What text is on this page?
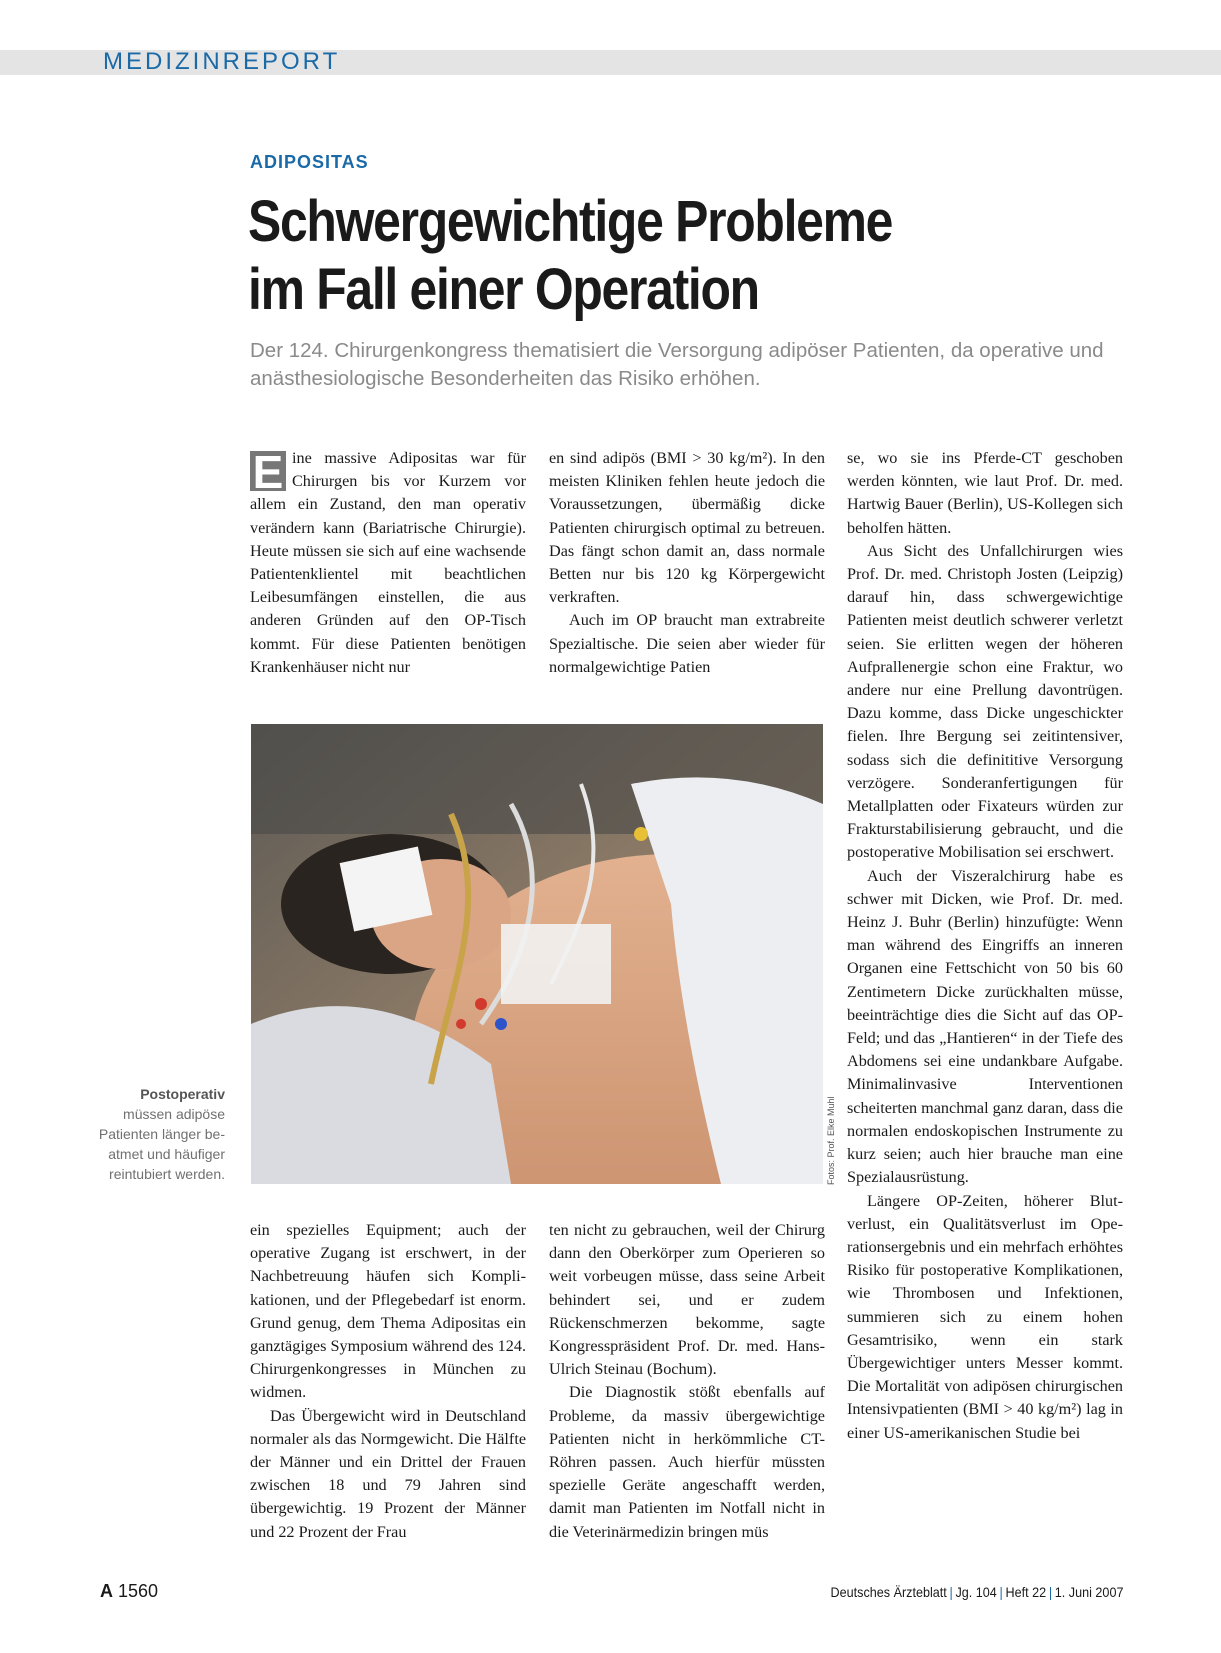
MEDIZINREPORT
ADIPOSITAS
Schwergewichtige Probleme
im Fall einer Operation
Der 124. Chirurgenkongress thematisiert die Versorgung adipöser Patienten, da operative und anästhesiologische Besonderheiten das Risiko erhöhen.

E ine massive Adipositas war für Chirurgen bis vor Kurzem vor allem ein Zustand, den man operativ verändern kann (Bariatrische Chirurgie). Heute müssen sie sich auf eine wachsende Patientenklientel mit beachtlichen Leibesumfängen einstellen, die aus anderen Gründen auf den OP-Tisch kommt. Für diese Patienten benötigen Krankenhäuser nicht nur

en sind adipös (BMI > 30 kg/m²). In den meisten Kliniken fehlen heute jedoch die Voraussetzungen, übermäßig dicke Patienten chirurgisch optimal zu betreuen. Das fängt schon damit an, dass normale Betten nur bis 120 kg Körpergewicht verkraften.

Auch im OP braucht man extrabreite Spezialtische. Die seien aber wieder für normalgewichtige Patien

Fotos: Prof. Elke Muhl
Postoperativ
müssen adipöse Patienten länger beatmet und häufiger reintubiert werden.

se, wo sie ins Pferde-CT geschoben werden könnten, wie laut Prof. Dr. med. Hartwig Bauer (Berlin), US-Kollegen sich beholfen hätten.

Aus Sicht des Unfallchirurgen wies Prof. Dr. med. Christoph Josten (Leipzig) darauf hin, dass schwergewichtige Patienten meist deutlich schwerer verletzt seien. Sie erlitten wegen der höheren Aufprallenergie schon eine Fraktur, wo andere nur eine Prellung davontrügen. Dazu komme, dass Dicke ungeschickter fielen. Ihre Bergung sei zeitintensiver, sodass sich die definititive Versorgung verzögere. Sonderanfertigungen für Metallplatten oder Fixateurs würden zur Frakturstabilisierung gebraucht, und die postoperative Mobilisation sei erschwert.

Auch der Viszeralchirurg habe es schwer mit Dicken, wie Prof. Dr. med. Heinz J. Buhr (Berlin) hinzufügte: Wenn man während des Eingriffs an inneren Organen eine Fettschicht von 50 bis 60 Zentimetern Dicke zurückhalten müsse, beeinträchtige dies die Sicht auf das OP-Feld; und das „Hantieren“ in der Tiefe des Abdomens sei eine undankbare Aufgabe. Minimalinvasive Interventionen scheiterten manchmal ganz daran, dass die normalen endoskopischen Instrumente zu kurz seien; auch hier brauche man eine Spezialausrüstung.

Längere OP-Zeiten, höherer Blutverlust, ein Qualitätsverlust im Operationsergebnis und ein mehrfach erhöhtes Risiko für postoperative Komplikationen, wie Thrombosen und Infektionen, summieren sich zu einem hohen Gesamtrisiko, wenn ein stark Übergewichtiger unters Messer kommt. Die Mortalität von adipösen chirurgischen Intensivpatienten (BMI > 40 kg/m²) lag in einer US-amerikanischen Studie bei

ein spezielles Equipment; auch der operative Zugang ist erschwert, in der Nachbetreuung häufen sich Komplikationen, und der Pflegebedarf ist enorm. Grund genug, dem Thema Adipositas ein ganztägiges Symposium während des 124. Chirurgenkongresses in München zu widmen.

Das Übergewicht wird in Deutschland normaler als das Normgewicht. Die Hälfte der Männer und ein Drittel der Frauen zwischen 18 und 79 Jahren sind übergewichtig. 19 Prozent der Männer und 22 Prozent der Frau

ten nicht zu gebrauchen, weil der Chirurg dann den Oberkörper zum Operieren so weit vorbeugen müsse, dass seine Arbeit behindert sei, und er zudem Rückenschmerzen bekomme, sagte Kongresspräsident Prof. Dr. med. Hans-Ulrich Steinau (Bochum).

Die Diagnostik stößt ebenfalls auf Probleme, da massiv übergewichtige Patienten nicht in herkömmliche CT-Röhren passen. Auch hierfür müssten spezielle Geräte angeschafft werden, damit man Patienten im Notfall nicht in die Veterinärmedizin bringen müs

A 1560	Deutsches Ärzteblatt | Jg. 104 | Heft 22 | 1. Juni 2007
